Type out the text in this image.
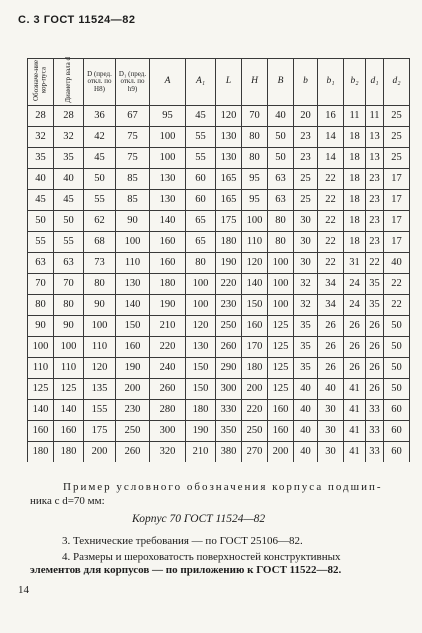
С. 3 ГОСТ 11524—82
Обозначе-ние кор-пуса	Диаметр вала d	D (пред. откл. по H8)	D₁ (пред. откл. по h9)	A	A₁	L	H	B	b	b₁	b₂	d₁	d₂
28	28	36	67	95	45	120	70	40	20	16	11	11	25
32	32	42	75	100	55	130	80	50	23	14	18	13	25
35	35	45	75	100	55	130	80	50	23	14	18	13	25
40	40	50	85	130	60	165	95	63	25	22	18	23	17
45	45	55	85	130	60	165	95	63	25	22	18	23	17
50	50	62	90	140	65	175	100	80	30	22	18	23	17
55	55	68	100	160	65	180	110	80	30	22	18	23	17
63	63	73	110	160	80	190	120	100	30	22	31	22	40
70	70	80	130	180	100	220	140	100	32	34	24	35	22
80	80	90	140	190	100	230	150	100	32	34	24	35	22
90	90	100	150	210	120	250	160	125	35	26	26	26	50
100	100	110	160	220	130	260	170	125	35	26	26	26	50
110	110	120	190	240	150	290	180	125	35	26	26	26	50
125	125	135	200	260	150	300	200	125	40	40	41	26	50
140	140	155	230	280	180	330	220	160	40	30	41	33	60
160	160	175	250	300	190	350	250	160	40	30	41	33	60
180	180	200	260	320	210	380	270	200	40	30	41	33	60
Пример условного обозначения корпуса подшип-
ника с d=70 мм:
Корпус 70 ГОСТ 11524—82
3. Технические требования — по ГОСТ 25106—82.
4. Размеры и шероховатость поверхностей конструктивных
элементов для корпусов — по приложению к ГОСТ 11522—82.
14
